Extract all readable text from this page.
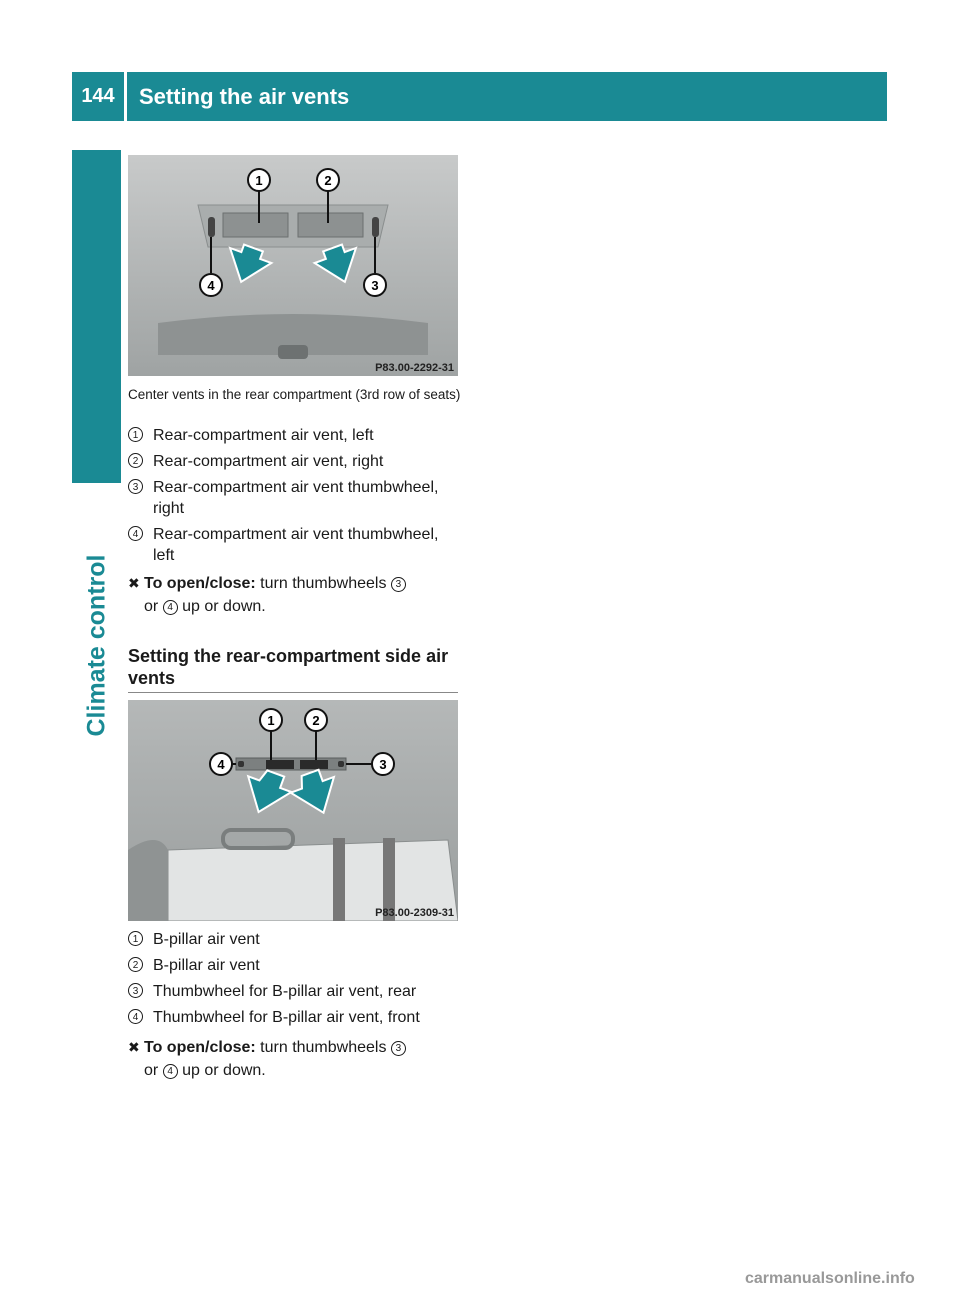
144	Setting the air vents
Climate control
1	2
3
4
P83.00-2292-31
Center vents in the rear compartment (3rd row of seats)
1 Rear-compartment air vent, left
2 Rear-compartment air vent, right
3 Rear-compartment air vent thumbwheel, right
4 Rear-compartment air vent thumbwheel, left
✖ To open/close: turn thumbwheels 3
or 4 up or down.
Setting the rear-compartment side air vents
1	2
3
4
P83.00-2309-31
1 B-pillar air vent
2 B-pillar air vent
3 Thumbwheel for B-pillar air vent, rear
4 Thumbwheel for B-pillar air vent, front
✖ To open/close: turn thumbwheels 3
or 4 up or down.
carmanualsonline.info
